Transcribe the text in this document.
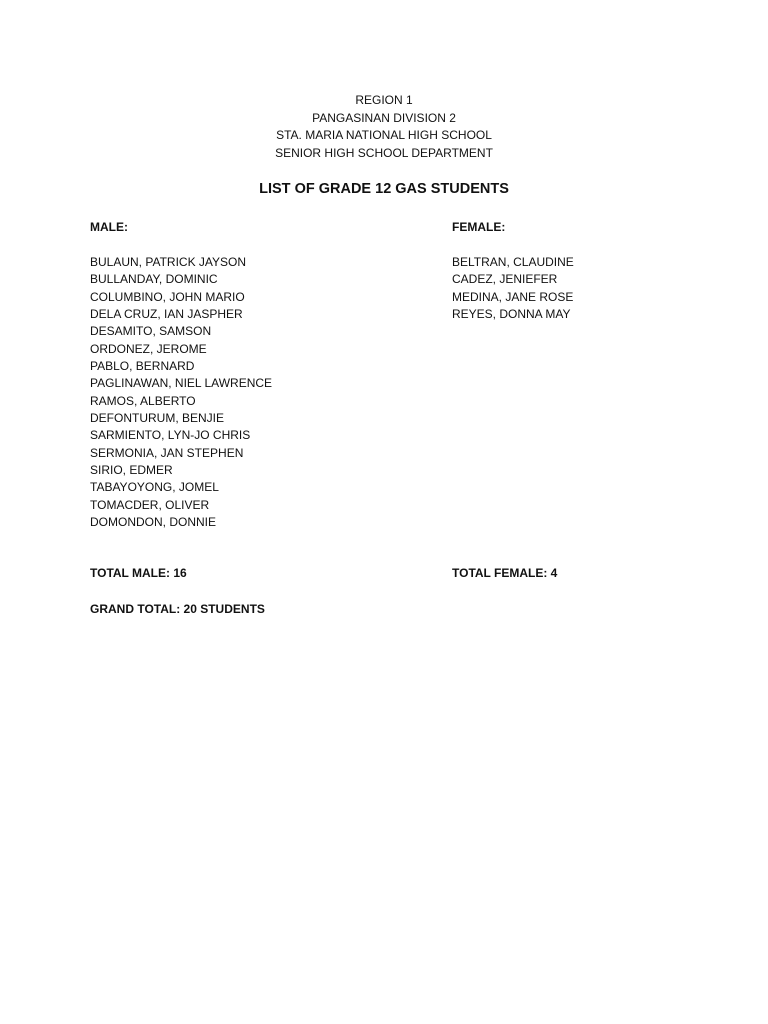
REGION 1
PANGASINAN DIVISION 2
STA. MARIA NATIONAL HIGH SCHOOL
SENIOR HIGH SCHOOL DEPARTMENT
LIST OF GRADE 12 GAS STUDENTS
MALE:	FEMALE:
BULAUN, PATRICK JAYSON
BULLANDAY, DOMINIC
COLUMBINO, JOHN MARIO
DELA CRUZ, IAN JASPHER
DESAMITO, SAMSON
ORDONEZ, JEROME
PABLO, BERNARD
PAGLINAWAN, NIEL LAWRENCE
RAMOS, ALBERTO
DEFONTURUM, BENJIE
SARMIENTO, LYN-JO CHRIS
SERMONIA, JAN STEPHEN
SIRIO, EDMER
TABAYOYONG, JOMEL
TOMACDER, OLIVER
DOMONDON, DONNIE
BELTRAN, CLAUDINE
CADEZ, JENIEFER
MEDINA, JANE ROSE
REYES, DONNA MAY
TOTAL MALE: 16	TOTAL FEMALE: 4
GRAND TOTAL: 20 STUDENTS
